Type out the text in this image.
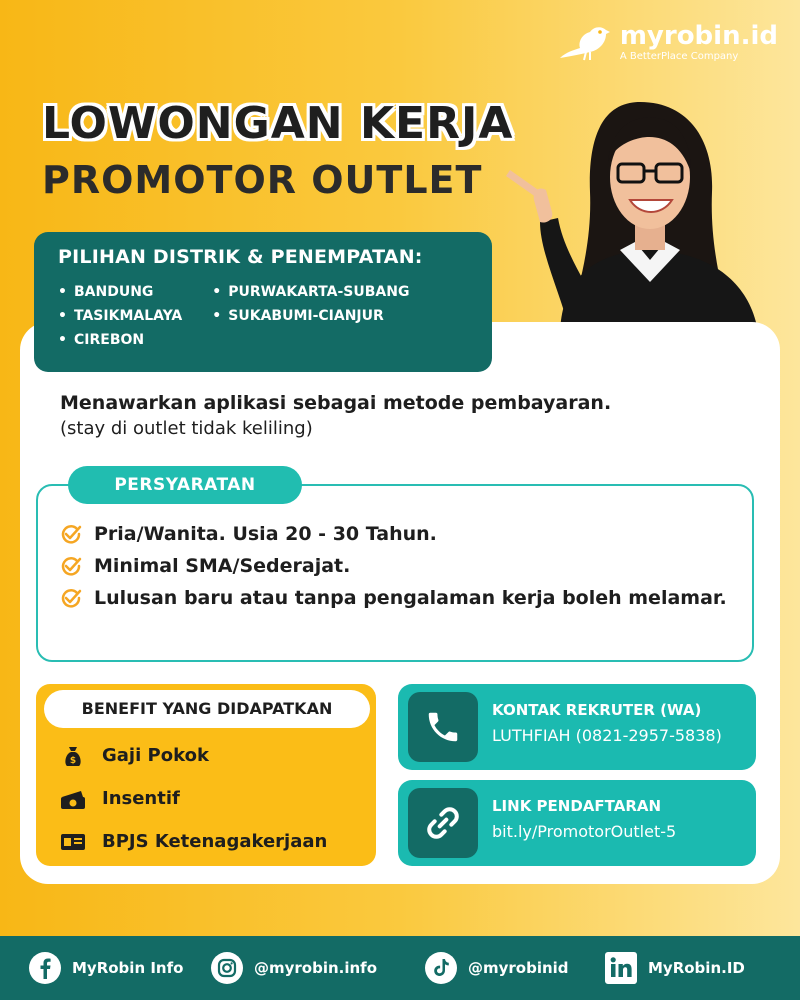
myrobin.id
A BetterPlace Company
LOWONGAN KERJA
PROMOTOR OUTLET
PILIHAN DISTRIK & PENEMPATAN:
• BANDUNG
• TASIKMALAYA
• CIREBON
• PURWAKARTA-SUBANG
• SUKABUMI-CIANJUR
Menawarkan aplikasi sebagai metode pembayaran.
(stay di outlet tidak keliling)
PERSYARATAN
Pria/Wanita. Usia 20 - 30 Tahun.
Minimal SMA/Sederajat.
Lulusan baru atau tanpa pengalaman kerja boleh melamar.
BENEFIT YANG DIDAPATKAN
$ Gaji Pokok
Insentif
BPJS Ketenagakerjaan
KONTAK REKRUTER (WA)
LUTHFIAH (0821-2957-5838)
LINK PENDAFTARAN
bit.ly/PromotorOutlet-5
MyRobin Info	@myrobin.info	@myrobinid	MyRobin.ID
